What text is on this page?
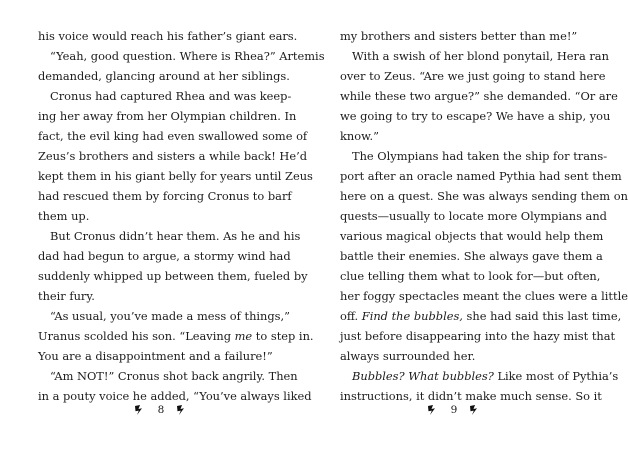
his voice would reach his father’s giant ears.
“Yeah, good question. Where is Rhea?” Artemis
demanded, glancing around at her siblings.
Cronus had captured Rhea and was keep-
ing her away from her Olympian children. In
fact, the evil king had even swallowed some of
Zeus’s brothers and sisters a while back! He’d
kept them in his giant belly for years until Zeus
had rescued them by forcing Cronus to barf
them up.
But Cronus didn’t hear them. As he and his
dad had begun to argue, a stormy wind had
suddenly whipped up between them, fueled by
their fury.
“As usual, you’ve made a mess of things,”
Uranus scolded his son. “Leaving me to step in.
You are a disappointment and a failure!”
“Am NOT!” Cronus shot back angrily. Then
in a pouty voice he added, “You’ve always liked
8
my brothers and sisters better than me!”
With a swish of her blond ponytail, Hera ran
over to Zeus. “Are we just going to stand here
while these two argue?” she demanded. “Or are
we going to try to escape? We have a ship, you
know.”
The Olympians had taken the ship for trans-
port after an oracle named Pythia had sent them
here on a quest. She was always sending them on
quests—usually to locate more Olympians and
various magical objects that would help them
battle their enemies. She always gave them a
clue telling them what to look for—but often,
her foggy spectacles meant the clues were a little
off. Find the bubbles, she had said this last time,
just before disappearing into the hazy mist that
always surrounded her.
Bubbles? What bubbles? Like most of Pythia’s
instructions, it didn’t make much sense. So it
9
